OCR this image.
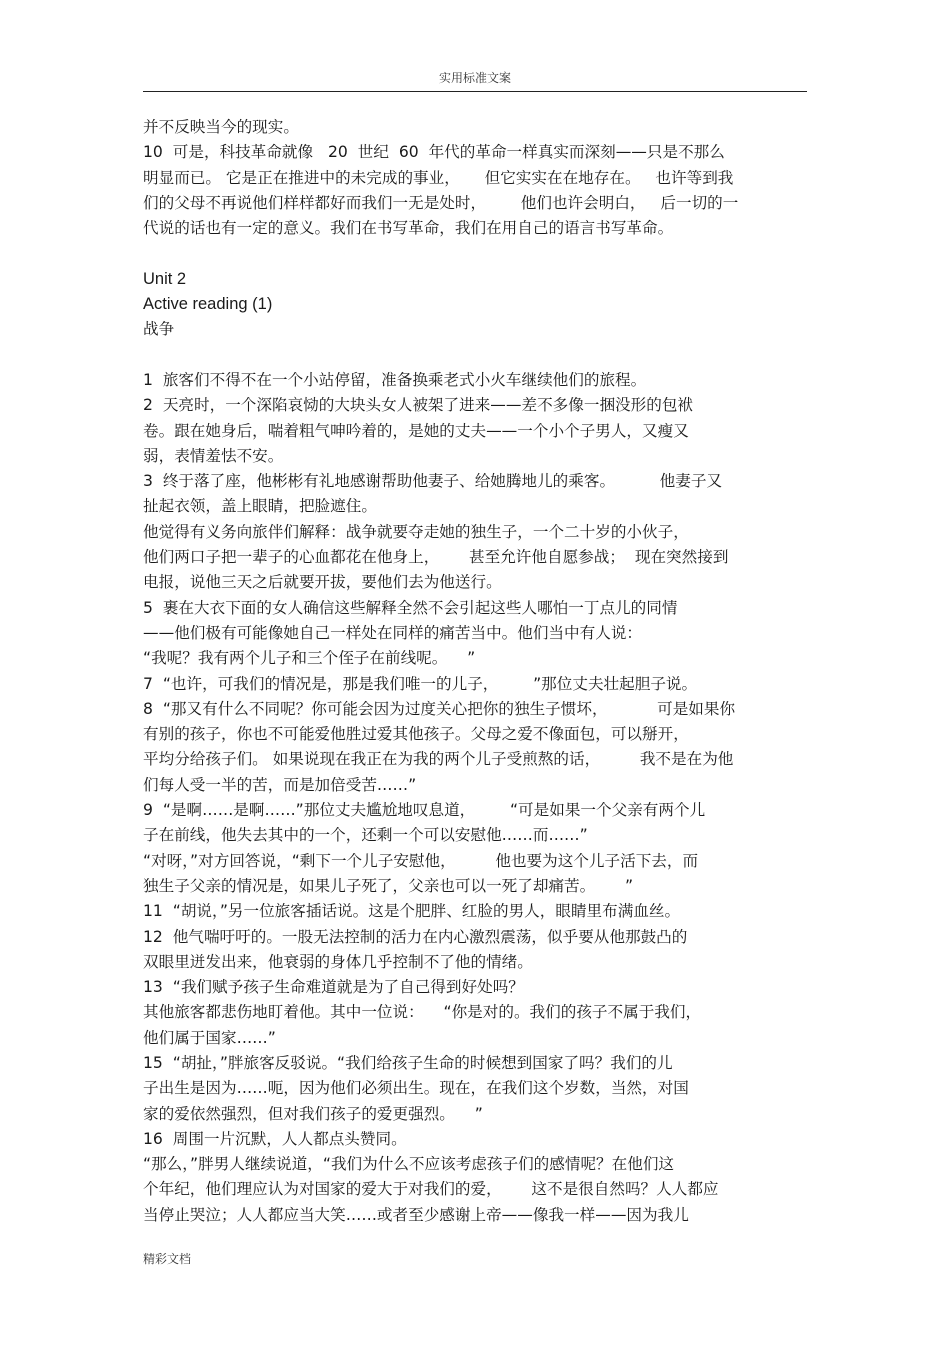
实用标准文案
并不反映当今的现实。
10  可是，科技革命就像   20  世纪  60  年代的革命一样真实而深刻——只是不那么
明显而已。 它是正在推进中的未完成的事业，     但它实实在在地存在。   也许等到我
们的父母不再说他们样样都好而我们一无是处时，       他们也许会明白，   后一切的一
代说的话也有一定的意义。我们在书写革命，我们在用自己的语言书写革命。
Unit 2
Active reading (1)
战争
1  旅客们不得不在一个小站停留，准备换乘老式小火车继续他们的旅程。
2  天亮时，一个深陷哀恸的大块头女人被架了进来——差不多像一捆没形的包袱
卷。跟在她身后，喘着粗气呻吟着的，是她的丈夫——一个小个子男人，又瘦又
弱，表情羞怯不安。
3  终于落了座，他彬彬有礼地感谢帮助他妻子、给她腾地儿的乘客。         他妻子又
扯起衣领，盖上眼睛，把脸遮住。
他觉得有义务向旅伴们解释：战争就要夺走她的独生子，一个二十岁的小伙子，
他们两口子把一辈子的心血都花在他身上，      甚至允许他自愿参战；  现在突然接到
电报，说他三天之后就要开拔，要他们去为他送行。
5  裹在大衣下面的女人确信这些解释全然不会引起这些人哪怕一丁点儿的同情
——他们极有可能像她自己一样处在同样的痛苦当中。他们当中有人说：
“我呢？我有两个儿子和三个侄子在前线呢。    ”
7  “也许，可我们的情况是，那是我们唯一的儿子，       ”那位丈夫壮起胆子说。
8  “那又有什么不同呢？你可能会因为过度关心把你的独生子惯坏，          可是如果你
有别的孩子，你也不可能爱他胜过爱其他孩子。父母之爱不像面包，可以掰开，
平均分给孩子们。 如果说现在我正在为我的两个儿子受煎熬的话，        我不是在为他
们每人受一半的苦，而是加倍受苦……”
9  “是啊……是啊……”那位丈夫尴尬地叹息道，       “可是如果一个父亲有两个儿
子在前线，他失去其中的一个，还剩一个可以安慰他……而……”
“对呀，”对方回答说，“剩下一个儿子安慰他，        他也要为这个儿子活下去，而
独生子父亲的情况是，如果儿子死了，父亲也可以一死了却痛苦。      ”
11  “胡说，”另一位旅客插话说。这是个肥胖、红脸的男人，眼睛里布满血丝。
12  他气喘吁吁的。一股无法控制的活力在内心激烈震荡，似乎要从他那鼓凸的
双眼里迸发出来，他衰弱的身体几乎控制不了他的情绪。
13  “我们赋予孩子生命难道就是为了自己得到好处吗？
其他旅客都悲伤地盯着他。其中一位说：    “你是对的。我们的孩子不属于我们，
他们属于国家……”
15  “胡扯，”胖旅客反驳说。“我们给孩子生命的时候想到国家了吗？我们的儿
子出生是因为……呃，因为他们必须出生。现在，在我们这个岁数，当然，对国
家的爱依然强烈，但对我们孩子的爱更强烈。    ”
16  周围一片沉默，人人都点头赞同。
“那么，”胖男人继续说道，“我们为什么不应该考虑孩子们的感情呢？在他们这
个年纪，他们理应认为对国家的爱大于对我们的爱，      这不是很自然吗？人人都应
当停止哭泣；人人都应当大笑……或者至少感谢上帝——像我一样——因为我儿
精彩文档
